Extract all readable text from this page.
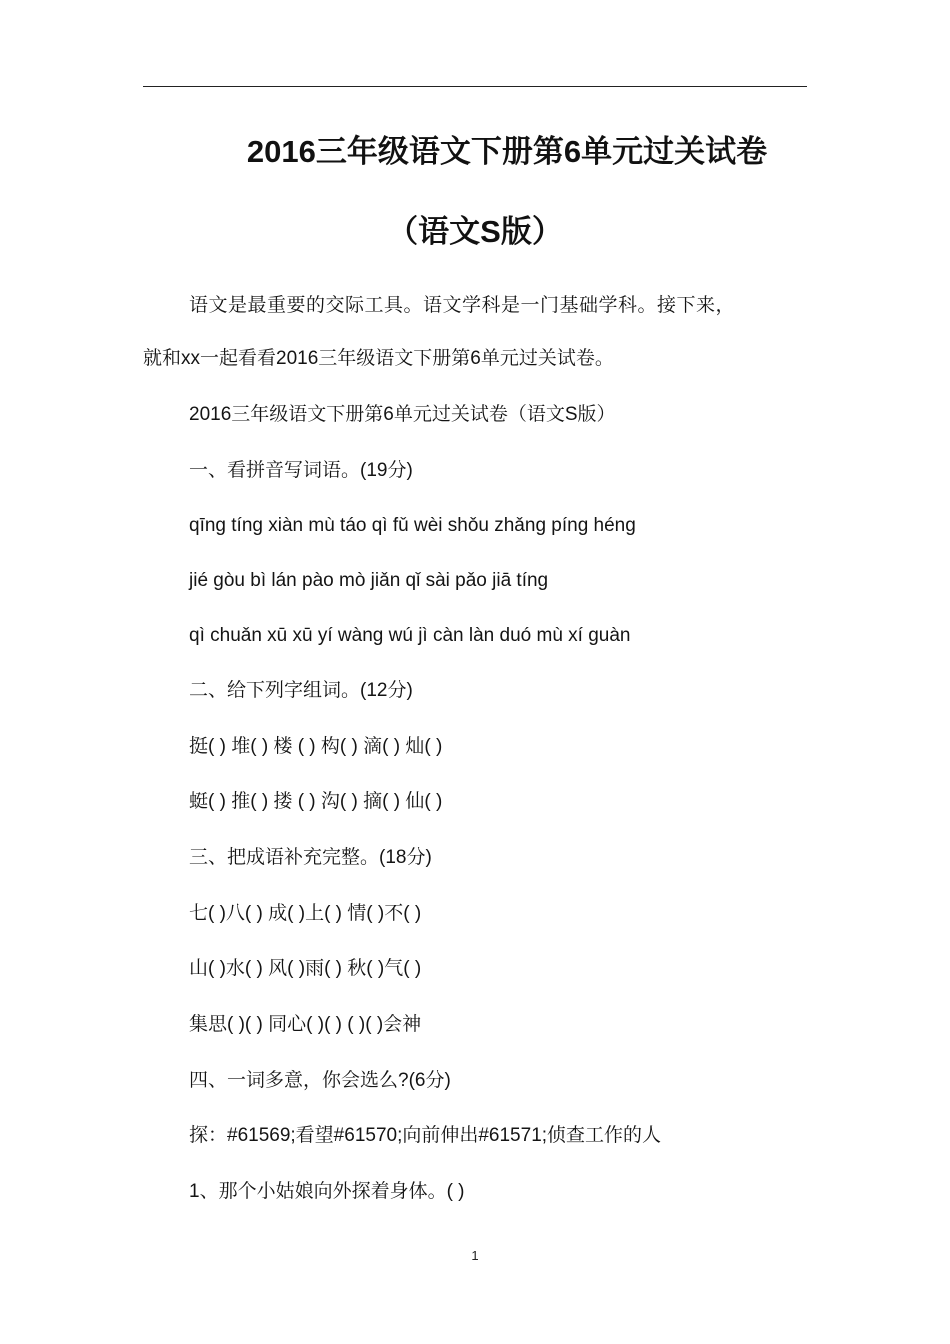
2016三年级语文下册第6单元过关试卷
（语文S版）
语文是最重要的交际工具。语文学科是一门基础学科。接下来，
就和xx一起看看2016三年级语文下册第6单元过关试卷。
2016三年级语文下册第6单元过关试卷（语文S版）
一、看拼音写词语。(19分)
qīng tíng xiàn mù táo qì fǔ wèi shǒu zhǎng píng héng
jié gòu bì lán pào mò jiǎn qǐ sài pǎo jiā tíng
qì chuǎn xū xū yí wàng wú jì càn làn duó mù xí guàn
二、给下列字组词。(12分)
挺( ) 堆( ) 楼 ( ) 构( ) 滴( ) 灿( )
蜓( ) 推( ) 搂 ( ) 沟( ) 摘( ) 仙( )
三、把成语补充完整。(18分)
七( )八( ) 成( )上( ) 情( )不( )
山( )水( ) 风( )雨( ) 秋( )气( )
集思( )( ) 同心( )( ) ( )( )会神
四、一词多意，你会选么?(6分)
探：#61569;看望#61570;向前伸出#61571;侦查工作的人
1、那个小姑娘向外探着身体。( )
1
